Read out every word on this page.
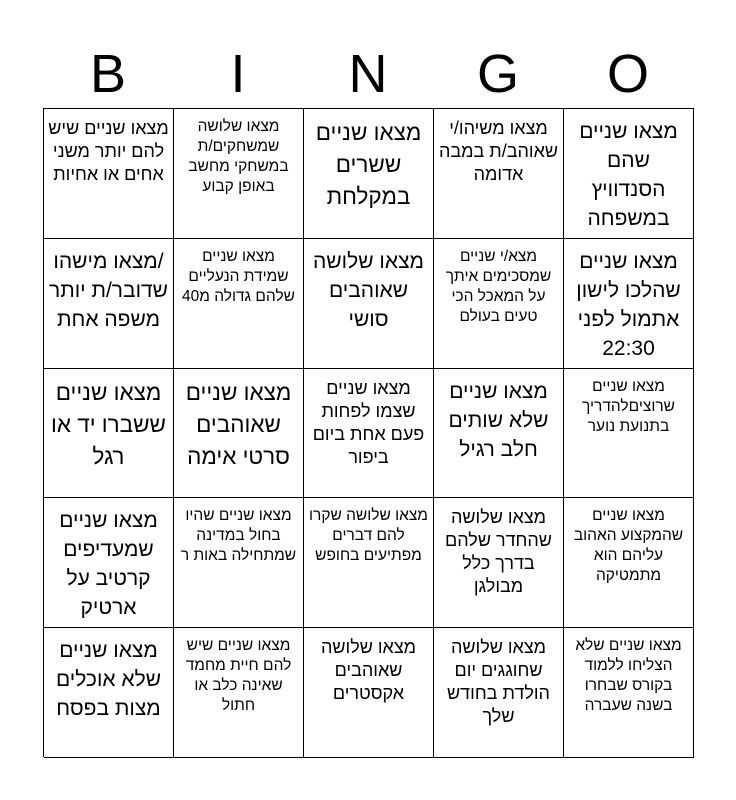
B	I	N	G	O
מצאו שניים שיש להם יותר משני אחים או אחיות
מצאו שלושה שמשחקים/ת במשחקי מחשב באופן קבוע
מצאו שניים ששרים במקלחת
מצאו משיהו/י שאוהב/ת במבה אדומה
מצאו שניים שהם הסנדוויץ במשפחה
/מצאו מישהו שדובר/ת יותר משפה אחת
מצאו שניים שמידת הנעליים שלהם גדולה מ40
מצאו שלושה שאוהבים סושי
מצא/י שניים שמסכימים איתך על המאכל הכי טעים בעולם
מצאו שניים שהלכו לישון אתמול לפני 22:30
מצאו שניים ששברו יד או רגל
מצאו שניים שאוהבים סרטי אימה
מצאו שניים שצמו לפחות פעם אחת ביום ביפור
מצאו שניים שלא שותים חלב רגיל
מצאו שניים שרוצים‌להדריך בתנועת נוער
מצאו שניים שמעדיפים קרטיב על ארטיק
מצאו שניים שהיו בחול במדינה שמתחילה באות ר
מצאו שלושה שקרו להם דברים מפתיעים בחופש
מצאו שלושה שהחדר שלהם בדרך כלל מבולגן
מצאו שניים שהמקצוע האהוב עליהם הוא מתמטיקה
מצאו שניים שלא אוכלים מצות בפסח
מצאו שניים שיש להם חיית מחמד שאינה כלב או חתול
מצאו שלושה שאוהבים אקסטרים
מצאו שלושה שחוגגים יום הולדת בחודש שלך
מצאו שניים שלא הצליחו ללמוד בקורס שבחרו בשנה שעברה
